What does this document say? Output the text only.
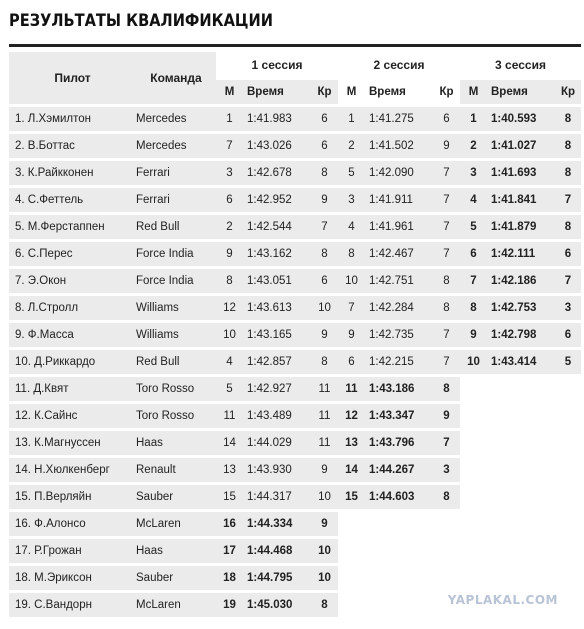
РЕЗУЛЬТАТЫ КВАЛИФИКАЦИИ
Пилот	Команда	1 сессия			2 сессия			3 сессия		
		М	Время	Кр	М	Время	Кр	М	Время	Кр
1. Л.Хэмилтон	Mercedes	1	1:41.983	6	1	1:41.275	6	1	1:40.593	8
2. В.Боттас	Mercedes	7	1:43.026	6	2	1:41.502	9	2	1:41.027	8
3. К.Райкконен	Ferrari	3	1:42.678	8	5	1:42.090	7	3	1:41.693	8
4. С.Феттель	Ferrari	6	1:42.952	9	3	1:41.911	7	4	1:41.841	7
5. М.Ферстаппен	Red Bull	2	1:42.544	7	4	1:41.961	7	5	1:41.879	8
6. С.Перес	Force India	9	1:43.162	8	8	1:42.467	7	6	1:42.111	6
7. Э.Окон	Force India	8	1:43.051	6	10	1:42.751	8	7	1:42.186	7
8. Л.Стролл	Williams	12	1:43.613	10	7	1:42.284	8	8	1:42.753	3
9. Ф.Масса	Williams	10	1:43.165	9	9	1:42.735	7	9	1:42.798	6
10. Д.Риккардо	Red Bull	4	1:42.857	8	6	1:42.215	7	10	1:43.414	5
11. Д.Квят	Toro Rosso	5	1:42.927	11	11	1:43.186	8			
12. К.Сайнс	Toro Rosso	11	1:43.489	11	12	1:43.347	9			
13. К.Магнуссен	Haas	14	1:44.029	11	13	1:43.796	7			
14. Н.Хюлкенберг	Renault	13	1:43.930	9	14	1:44.267	3			
15. П.Верляйн	Sauber	15	1:44.317	10	15	1:44.603	8			
16. Ф.Алонсо	McLaren	16	1:44.334	9						
17. Р.Грожан	Haas	17	1:44.468	10						
18. М.Эриксон	Sauber	18	1:44.795	10						
19. С.Вандорн	McLaren	19	1:45.030	8							YAPLAKAL.COM
